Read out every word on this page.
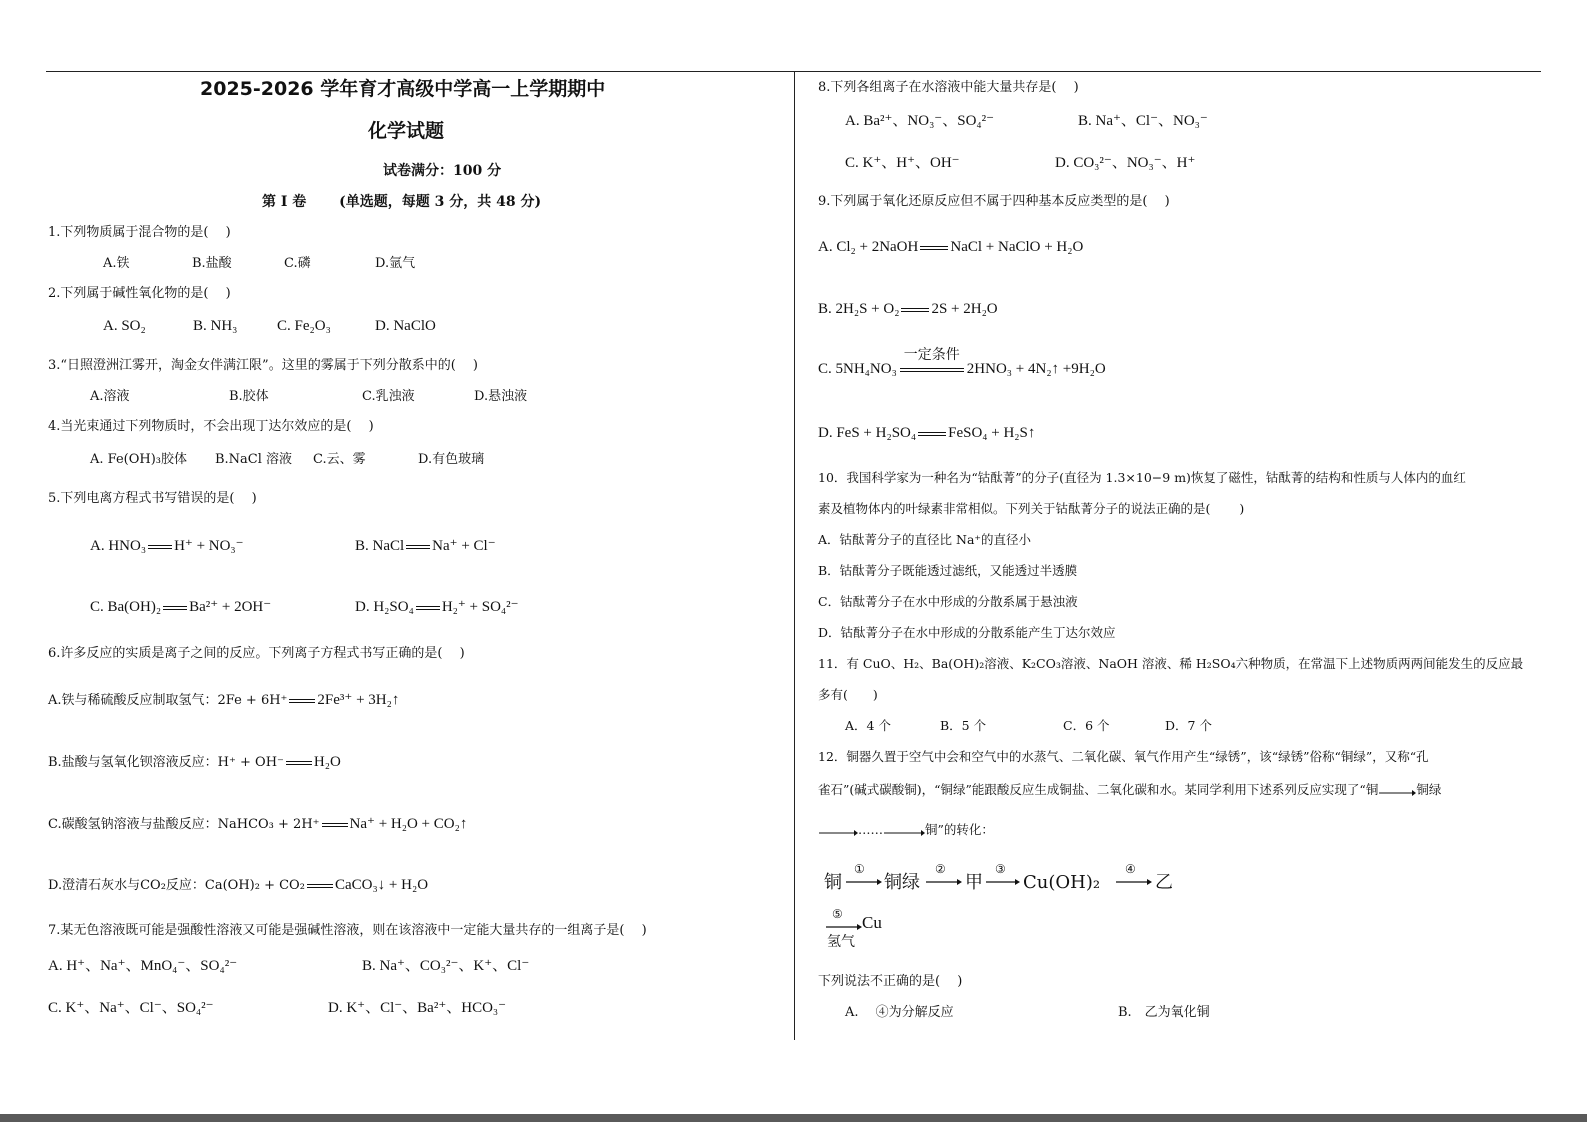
2025-2026 学年育才高级中学高一上学期期中
化学试题
试卷满分：100 分
第 I 卷　　 (单选题，每题 3 分，共 48 分)
1.下列物质属于混合物的是(　 )
A.铁	B.盐酸	C.磷	D.氩气
2.下列属于碱性氧化物的是(　 )
A. SO₂	B. NH₃	C. Fe₂O₃	D. NaClO
3.“日照澄洲江雾开，淘金女伴满江限”。这里的雾属于下列分散系中的(　 )
A.溶液	B.胶体	C.乳浊液	D.悬浊液
4.当光束通过下列物质时，不会出现丁达尔效应的是(　 )
A. Fe(OH)₃胶体 B.NaCl 溶液 C.云、雾	D.有色玻璃
5.下列电离方程式书写错误的是(　 )
A. HNO₃ H⁺ + NO₃⁻	B. NaCl Na⁺ + Cl⁻
C. Ba(OH)₂ Ba²⁺ + 2OH⁻	D. H₂SO₄ H₂⁺ + SO₄²⁻
6.许多反应的实质是离子之间的反应。下列离子方程式书写正确的是(　 )
A.铁与稀硫酸反应制取氢气：2Fe + 6H⁺ 2Fe³⁺ + 3H₂↑
B.盐酸与氢氧化钡溶液反应：H⁺ + OH⁻ H₂O
C.碳酸氢钠溶液与盐酸反应：NaHCO₃ + 2H⁺ Na⁺ + H₂O + CO₂↑
D.澄清石灰水与CO₂反应：Ca(OH)₂ + CO₂ CaCO₃↓ + H₂O
7.某无色溶液既可能是强酸性溶液又可能是强碱性溶液，则在该溶液中一定能大量共存的一组离子是(　 )
A. H⁺、Na⁺、MnO₄⁻、SO₄²⁻	B. Na⁺、CO₃²⁻、K⁺、Cl⁻
C. K⁺、Na⁺、Cl⁻、SO₄²⁻	D. K⁺、Cl⁻、Ba²⁺、HCO₃⁻
8.下列各组离子在水溶液中能大量共存是(　 )
A. Ba²⁺、NO₃⁻、SO₄²⁻	B. Na⁺、Cl⁻、NO₃⁻
C. K⁺、H⁺、OH⁻	D. CO₃²⁻、NO₃⁻、H⁺
9.下列属于氧化还原反应但不属于四种基本反应类型的是(　 )
A. Cl₂ + 2NaOH NaCl + NaClO + H₂O
B. 2H₂S + O₂ 2S + 2H₂O
C. 5NH₄NO₃
一定条件
2HNO₃ + 4N₂↑ +9H₂O
D. FeS + H₂SO₄ FeSO₄ + H₂S↑
10．我国科学家为一种名为“钴酞菁”的分子(直径为 1.3×10−9 m)恢复了磁性，钴酞菁的结构和性质与人体内的血红
素及植物体内的叶绿素非常相似。下列关于钴酞菁分子的说法正确的是(　　 )
A．钴酞菁分子的直径比 Na⁺的直径小
B．钴酞菁分子既能透过滤纸，又能透过半透膜
C．钴酞菁分子在水中形成的分散系属于悬浊液
D．钴酞菁分子在水中形成的分散系能产生丁达尔效应
11．有 CuO、H₂、Ba(OH)₂溶液、K₂CO₃溶液、NaOH 溶液、稀 H₂SO₄六种物质，在常温下上述物质两两间能发生的反应最
多有(　　)
A．4 个	B．5 个	C．6 个	D．7 个
12．铜器久置于空气中会和空气中的水蒸气、二氧化碳、氧气作用产生“绿锈”，该“绿锈”俗称“铜绿”，又称“孔
雀石”(碱式碳酸铜)，“铜绿”能跟酸反应生成铜盐、二氧化碳和水。某同学利用下述系列反应实现了“铜	铜绿
……	铜”的转化：
铜
①
铜绿
②
甲
③
Cu(OH)₂
④
乙
⑤
氢气
Cu
下列说法不正确的是(　 )
A.　 ④为分解反应	B.　乙为氧化铜
